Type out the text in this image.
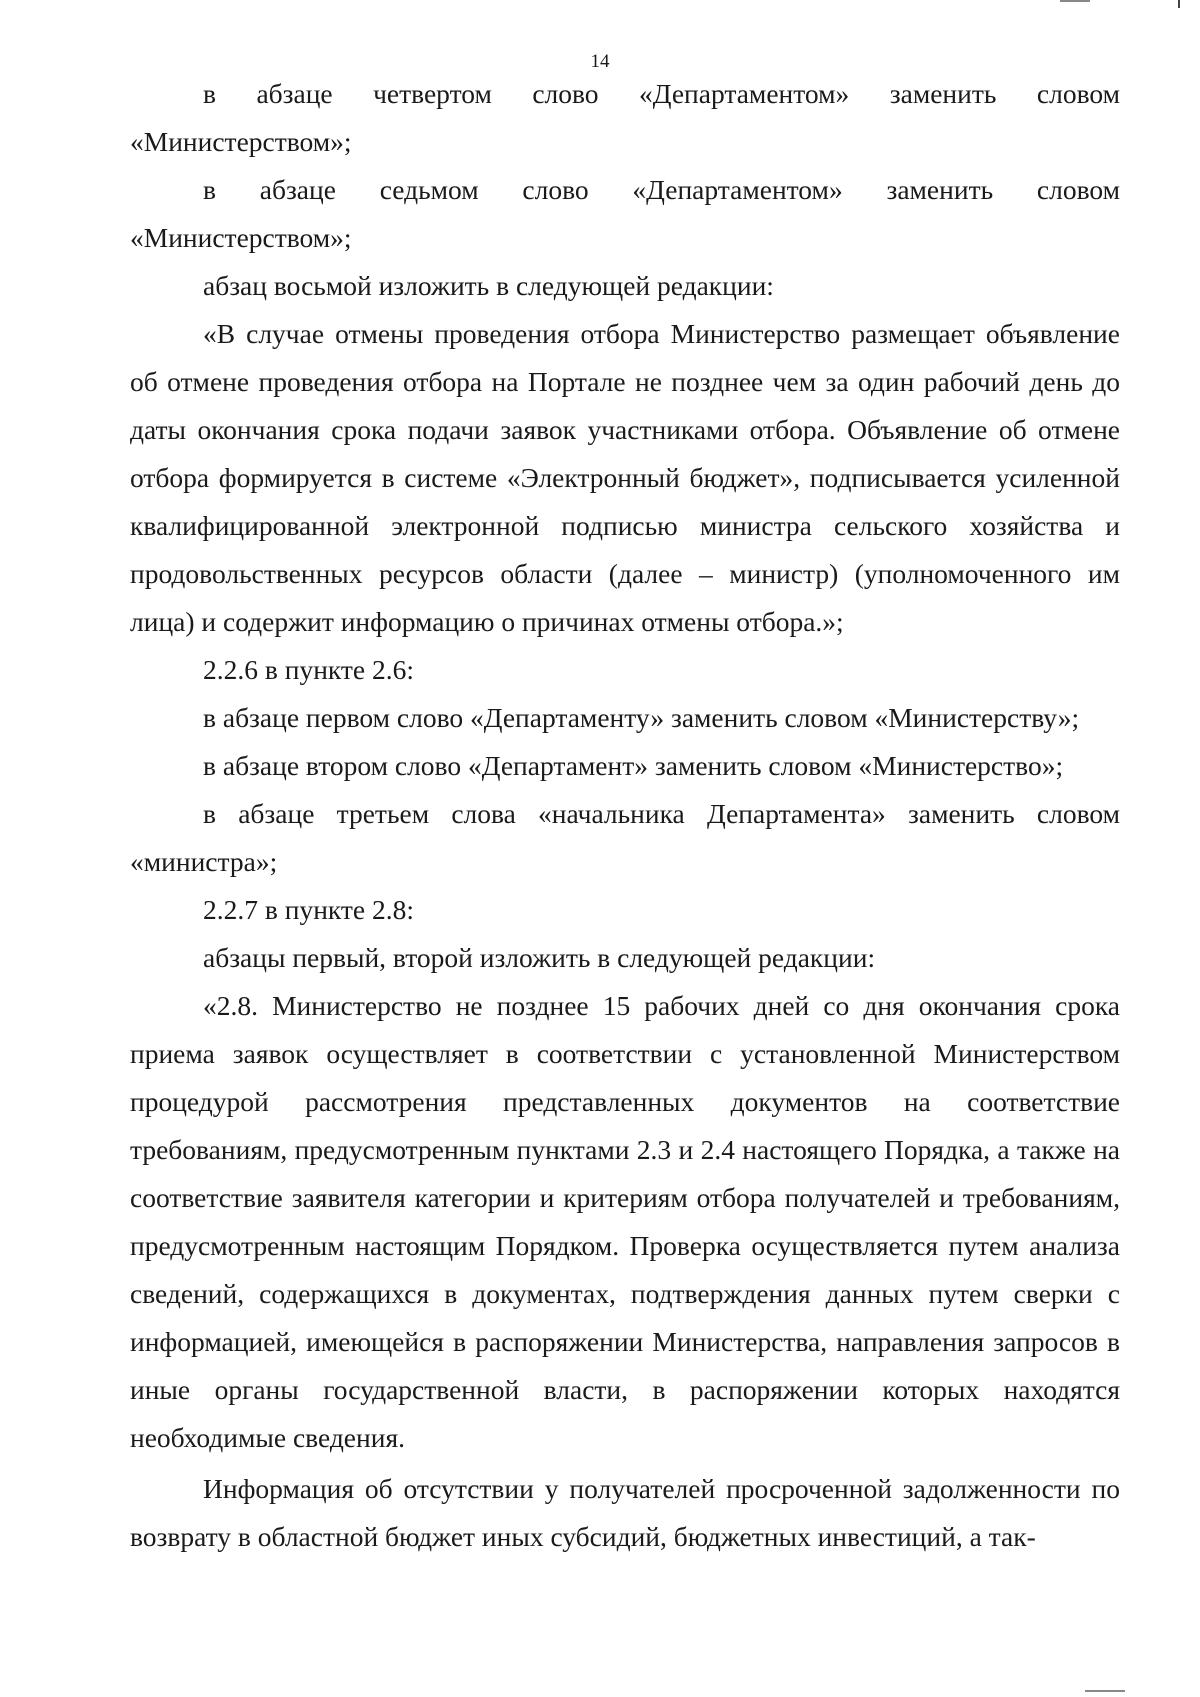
14

в абзаце четвертом слово «Департаментом» заменить словом «Министерством»;

в абзаце седьмом слово «Департаментом» заменить словом «Министерством»;

абзац восьмой изложить в следующей редакции:

«В случае отмены проведения отбора Министерство размещает объявление об отмене проведения отбора на Портале не позднее чем за один рабочий день до даты окончания срока подачи заявок участниками отбора. Объявление об отмене отбора формируется в системе «Электронный бюджет», подписывается усиленной квалифицированной электронной подписью министра сельского хозяйства и продовольственных ресурсов области (далее – министр) (уполномоченного им лица) и содержит информацию о причинах отмены отбора.»;

2.2.6 в пункте 2.6:

в абзаце первом слово «Департаменту» заменить словом «Министерству»;

в абзаце втором слово «Департамент» заменить словом «Министерство»;

в абзаце третьем слова «начальника Департамента» заменить словом «министра»;

2.2.7 в пункте 2.8:

абзацы первый, второй изложить в следующей редакции:

«2.8. Министерство не позднее 15 рабочих дней со дня окончания срока приема заявок осуществляет в соответствии с установленной Министерством процедурой рассмотрения представленных документов на соответствие требованиям, предусмотренным пунктами 2.3 и 2.4 настоящего Порядка, а также на соответствие заявителя категории и критериям отбора получателей и требованиям, предусмотренным настоящим Порядком. Проверка осуществляется путем анализа сведений, содержащихся в документах, подтверждения данных путем сверки с информацией, имеющейся в распоряжении Министерства, направления запросов в иные органы государственной власти, в распоряжении которых находятся необходимые сведения.

Информация об отсутствии у получателей просроченной задолженности по возврату в областной бюджет иных субсидий, бюджетных инвестиций, а так-
